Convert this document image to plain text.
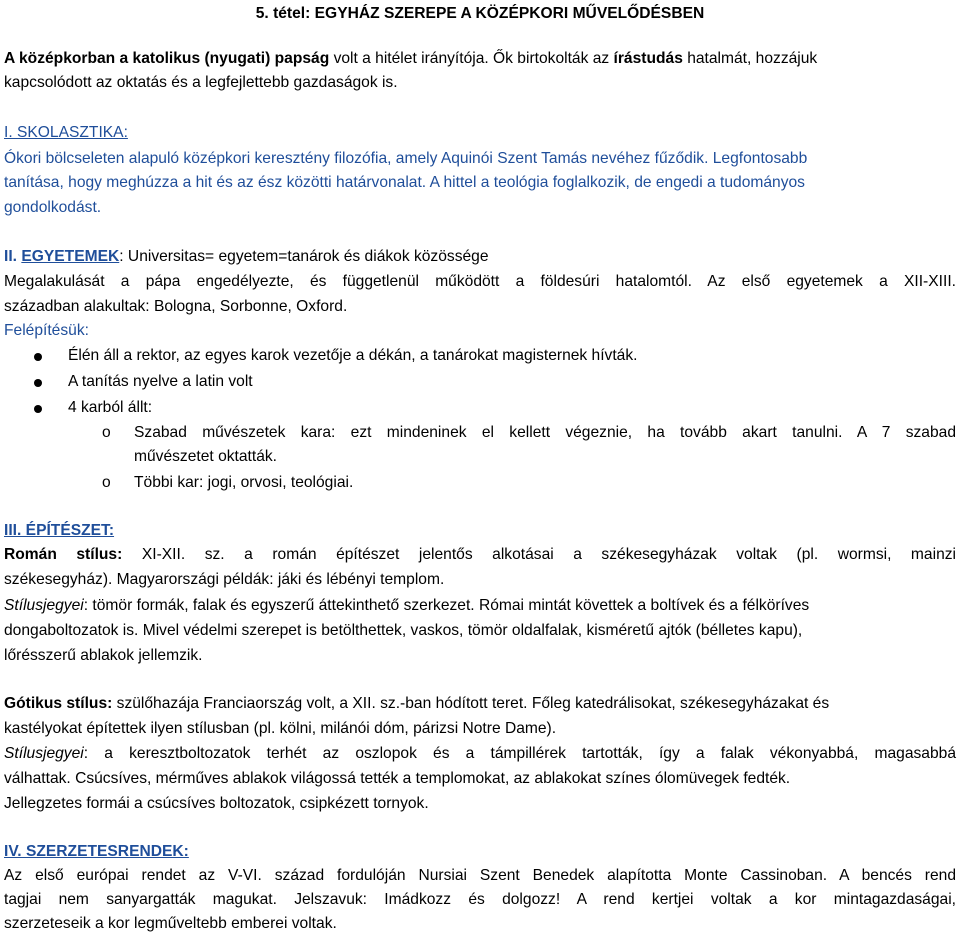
5. tétel: EGYHÁZ SZEREPE A KÖZÉPKORI MŰVELŐDÉSBEN
A középkorban a katolikus (nyugati) papság volt a hitélet irányítója. Ők birtokolták az írástudás hatalmát, hozzájuk
kapcsolódott az oktatás és a legfejlettebb gazdaságok is.
I. SKOLASZTIKA:
Ókori bölcseleten alapuló középkori keresztény filozófia, amely Aquinói Szent Tamás nevéhez fűződik. Legfontosabb
tanítása, hogy meghúzza a hit és az ész közötti határvonalat. A hittel a teológia foglalkozik, de engedi a tudományos
gondolkodást.
II. EGYETEMEK: Universitas= egyetem=tanárok és diákok közössége
Megalakulását a pápa engedélyezte, és függetlenül működött a földesúri hatalomtól. Az első egyetemek a XII-XIII.
században alakultak: Bologna, Sorbonne, Oxford.
Felépítésük:
Élén áll a rektor, az egyes karok vezetője a dékán, a tanárokat magisternek hívták.
A tanítás nyelve a latin volt
4 karból állt:
o Szabad művészetek kara: ezt mindeninek el kellett végeznie, ha tovább akart tanulni. A 7 szabad
művészetet oktatták.
o Többi kar: jogi, orvosi, teológiai.
III. ÉPÍTÉSZET:
Román stílus: XI-XII. sz. a román építészet jelentős alkotásai a székesegyházak voltak (pl. wormsi, mainzi
székesegyház). Magyarországi példák: jáki és lébényi templom.
Stílusjegyei: tömör formák, falak és egyszerű áttekinthető szerkezet. Római mintát követtek a boltívek és a félköríves
dongaboltozatok is. Mivel védelmi szerepet is betölthettek, vaskos, tömör oldalfalak, kisméretű ajtók (bélletes kapu),
lőrésszerű ablakok jellemzik.
Gótikus stílus: szülőhazája Franciaország volt, a XII. sz.-ban hódított teret. Főleg katedrálisokat, székesegyházakat és
kastélyokat építettek ilyen stílusban (pl. kölni, milánói dóm, párizsi Notre Dame).
Stílusjegyei: a keresztboltozatok terhét az oszlopok és a támpillérek tartották, így a falak vékonyabbá, magasabbá
válhattak. Csúcsíves, mérműves ablakok világossá tették a templomokat, az ablakokat színes ólomüvegek fedték.
Jellegzetes formái a csúcsíves boltozatok, csipkézett tornyok.
IV. SZERZETESRENDEK:
Az első európai rendet az V-VI. század fordulóján Nursiai Szent Benedek alapította Monte Cassinoban. A bencés rend
tagjai nem sanyargatták magukat. Jelszavuk: Imádkozz és dolgozz! A rend kertjei voltak a kor mintagazdaságai,
szerzeteseik a kor legműveltebb emberei voltak.
